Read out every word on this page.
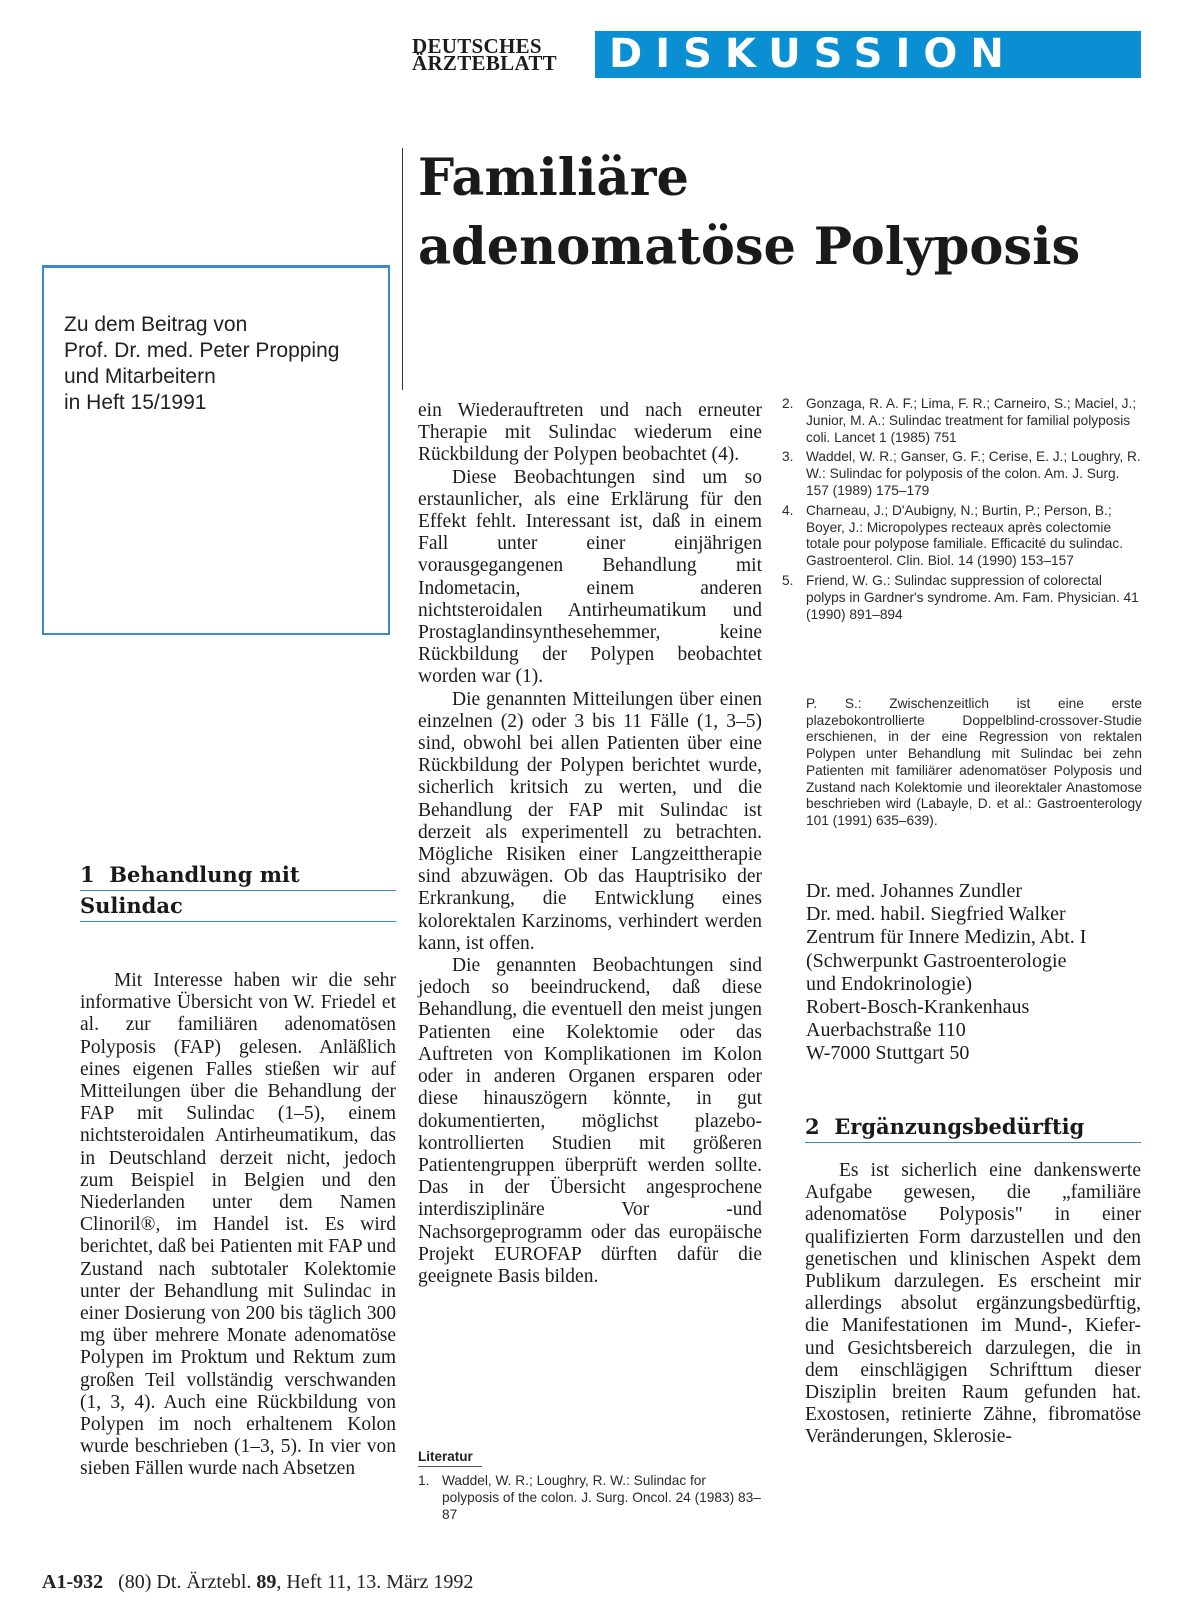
DEUTSCHES
ÄRZTEBLATT	DISKUSSION
Familiäre
adenomatöse Polyposis

Zu dem Beitrag von
Prof. Dr. med. Peter Propping
und Mitarbeitern
in Heft 15/1991

1 Behandlung mit
Sulindac

Mit Interesse haben wir die sehr informative Übersicht von W. Friedel et al. zur familiären adenomatösen Polyposis (FAP) gelesen. Anläßlich eines eigenen Falles stießen wir auf Mitteilungen über die Behandlung der FAP mit Sulindac (1–5), einem nichtsteroidalen Antirheumatikum, das in Deutschland derzeit nicht, jedoch zum Beispiel in Belgien und den Niederlanden unter dem Namen Clinoril®, im Handel ist. Es wird berichtet, daß bei Patienten mit FAP und Zustand nach subtotaler Kolektomie unter der Behandlung mit Sulindac in einer Dosierung von 200 bis täglich 300 mg über mehrere Monate adenomatöse Polypen im Proktum und Rektum zum großen Teil vollständig verschwanden (1, 3, 4). Auch eine Rückbildung von Polypen im noch erhaltenem Kolon wurde beschrieben (1–3, 5). In vier von sieben Fällen wurde nach Absetzen

ein Wiederauftreten und nach erneuter Therapie mit Sulindac wiederum eine Rückbildung der Polypen beobachtet (4).

Diese Beobachtungen sind um so erstaunlicher, als eine Erklärung für den Effekt fehlt. Interessant ist, daß in einem Fall unter einer einjährigen vorausgegangenen Behandlung mit Indometacin, einem anderen nichtsteroidalen Antirheumatikum und Prostaglandinsynthesehemmer, keine Rückbildung der Polypen beobachtet worden war (1).

Die genannten Mitteilungen über einen einzelnen (2) oder 3 bis 11 Fälle (1, 3–5) sind, obwohl bei allen Patienten über eine Rückbildung der Polypen berichtet wurde, sicherlich kritsich zu werten, und die Behandlung der FAP mit Sulindac ist derzeit als experimentell zu betrachten. Mögliche Risiken einer Langzeittherapie sind abzuwägen. Ob das Hauptrisiko der Erkrankung, die Entwicklung eines kolorektalen Karzinoms, verhindert werden kann, ist offen.

Die genannten Beobachtungen sind jedoch so beeindruckend, daß diese Behandlung, die eventuell den meist jungen Patienten eine Kolektomie oder das Auftreten von Komplikationen im Kolon oder in anderen Organen ersparen oder diese hinauszögern könnte, in gut dokumentierten, möglichst plazebo-kontrollierten Studien mit größeren Patientengruppen überprüft werden sollte. Das in der Übersicht angesprochene interdisziplinäre Vor -und Nachsorgeprogramm oder das europäische Projekt EUROFAP dürften dafür die geeignete Basis bilden.

Literatur
1. Waddel, W. R.; Loughry, R. W.: Sulindac for polyposis of the colon. J. Surg. Oncol. 24 (1983) 83–87
2. Gonzaga, R. A. F.; Lima, F. R.; Carneiro, S.; Maciel, J.; Junior, M. A.: Sulindac treatment for familial polyposis coli. Lancet 1 (1985) 751
3. Waddel, W. R.; Ganser, G. F.; Cerise, E. J.; Loughry, R. W.: Sulindac for polyposis of the colon. Am. J. Surg. 157 (1989) 175–179
4. Charneau, J.; D'Aubigny, N.; Burtin, P.; Person, B.; Boyer, J.: Micropolypes recteaux après colectomie totale pour polypose familiale. Efficacité du sulindac. Gastroenterol. Clin. Biol. 14 (1990) 153–157
5. Friend, W. G.: Sulindac suppression of colorectal polyps in Gardner's syndrome. Am. Fam. Physician. 41 (1990) 891–894

P. S.: Zwischenzeitlich ist eine erste plazebokontrollierte Doppelblind-crossover-Studie erschienen, in der eine Regression von rektalen Polypen unter Behandlung mit Sulindac bei zehn Patienten mit familiärer adenomatöser Polyposis und Zustand nach Kolektomie und ileorektaler Anastomose beschrieben wird (Labayle, D. et al.: Gastroenterology 101 (1991) 635–639).

Dr. med. Johannes Zundler
Dr. med. habil. Siegfried Walker
Zentrum für Innere Medizin, Abt. I
(Schwerpunkt Gastroenterologie
und Endokrinologie)
Robert-Bosch-Krankenhaus
Auerbachstraße 110
W-7000 Stuttgart 50

2 Ergänzungsbedürftig

Es ist sicherlich eine dankenswerte Aufgabe gewesen, die „familiäre adenomatöse Polyposis" in einer qualifizierten Form darzustellen und den genetischen und klinischen Aspekt dem Publikum darzulegen. Es erscheint mir allerdings absolut ergänzungsbedürftig, die Manifestationen im Mund-, Kiefer- und Gesichtsbereich darzulegen, die in dem einschlägigen Schrifttum dieser Disziplin breiten Raum gefunden hat. Exostosen, retinierte Zähne, fibromatöse Veränderungen, Sklerosie-

A1-932 (80) Dt. Ärztebl. 89, Heft 11, 13. März 1992
